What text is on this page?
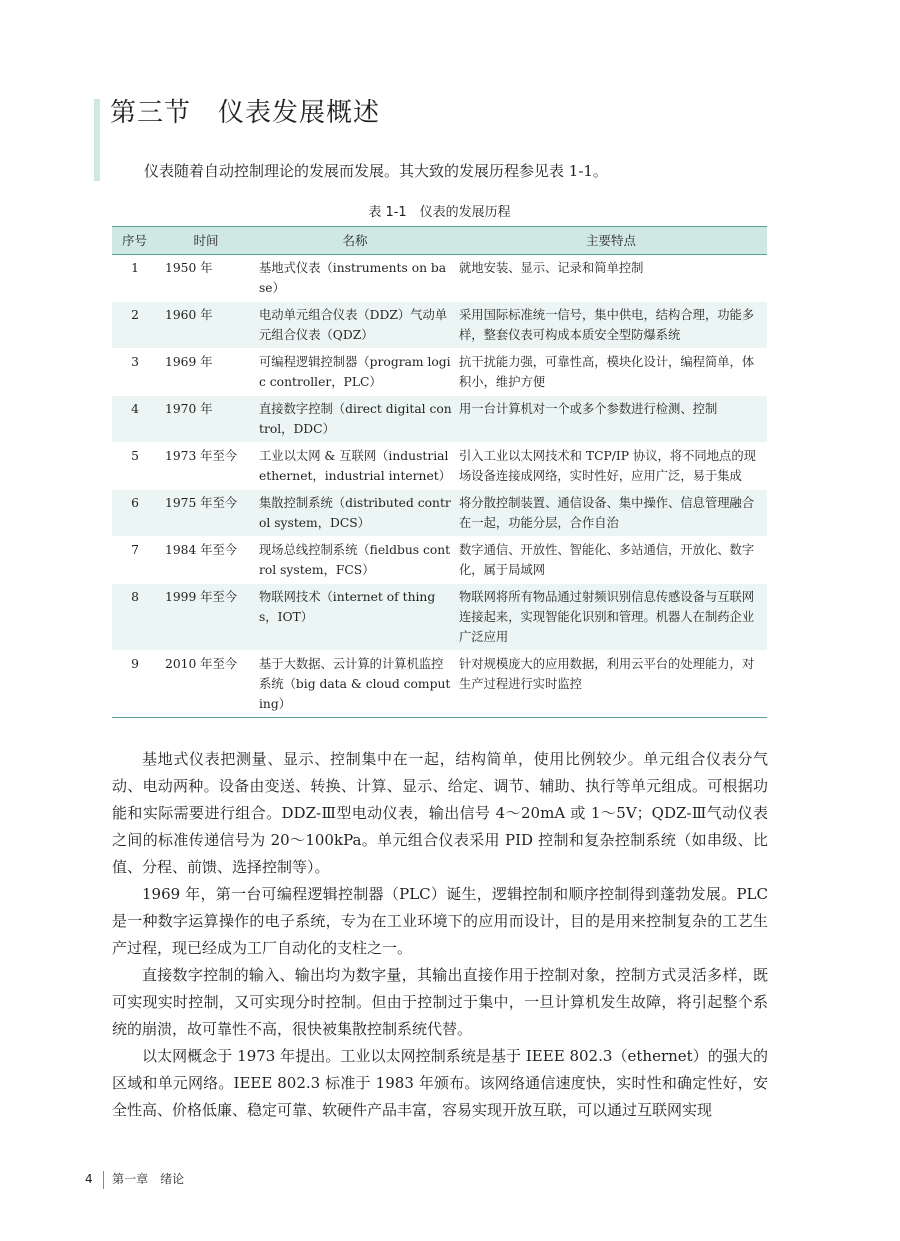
第三节　仪表发展概述
仪表随着自动控制理论的发展而发展。其大致的发展历程参见表 1-1。
表 1-1　仪表的发展历程
序号	时间	名称	主要特点
1	1950 年	基地式仪表（instruments on base）	就地安装、显示、记录和简单控制
2	1960 年	电动单元组合仪表（DDZ）气动单元组合仪表（QDZ）	采用国际标准统一信号，集中供电，结构合理，功能多样，整套仪表可构成本质安全型防爆系统
3	1969 年	可编程逻辑控制器（program logic controller，PLC）	抗干扰能力强，可靠性高，模块化设计，编程简单，体积小，维护方便
4	1970 年	直接数字控制（direct digital control，DDC）	用一台计算机对一个或多个参数进行检测、控制
5	1973 年至今	工业以太网 & 互联网（industrial ethernet，industrial internet）	引入工业以太网技术和 TCP/IP 协议，将不同地点的现场设备连接成网络，实时性好，应用广泛，易于集成
6	1975 年至今	集散控制系统（distributed control system，DCS）	将分散控制装置、通信设备、集中操作、信息管理融合在一起，功能分层，合作自治
7	1984 年至今	现场总线控制系统（fieldbus control system，FCS）	数字通信、开放性、智能化、多站通信，开放化、数字化，属于局域网
8	1999 年至今	物联网技术（internet of things，IOT）	物联网将所有物品通过射频识别信息传感设备与互联网连接起来，实现智能化识别和管理。机器人在制药企业广泛应用
9	2010 年至今	基于大数据、云计算的计算机监控系统（big data & cloud computing）	针对规模庞大的应用数据，利用云平台的处理能力，对生产过程进行实时监控

基地式仪表把测量、显示、控制集中在一起，结构简单，使用比例较少。单元组合仪表分气动、电动两种。设备由变送、转换、计算、显示、给定、调节、辅助、执行等单元组成。可根据功能和实际需要进行组合。DDZ-Ⅲ型电动仪表，输出信号 4～20mA 或 1～5V；QDZ-Ⅲ气动仪表之间的标准传递信号为 20～100kPa。单元组合仪表采用 PID 控制和复杂控制系统（如串级、比值、分程、前馈、选择控制等）。

1969 年，第一台可编程逻辑控制器（PLC）诞生，逻辑控制和顺序控制得到蓬勃发展。PLC 是一种数字运算操作的电子系统，专为在工业环境下的应用而设计，目的是用来控制复杂的工艺生产过程，现已经成为工厂自动化的支柱之一。

直接数字控制的输入、输出均为数字量，其输出直接作用于控制对象，控制方式灵活多样，既可实现实时控制，又可实现分时控制。但由于控制过于集中，一旦计算机发生故障，将引起整个系统的崩溃，故可靠性不高，很快被集散控制系统代替。

以太网概念于 1973 年提出。工业以太网控制系统是基于 IEEE 802.3（ethernet）的强大的区域和单元网络。IEEE 802.3 标准于 1983 年颁布。该网络通信速度快，实时性和确定性好，安全性高、价格低廉、稳定可靠、软硬件产品丰富，容易实现开放互联，可以通过互联网实现

4 第一章　绪论
